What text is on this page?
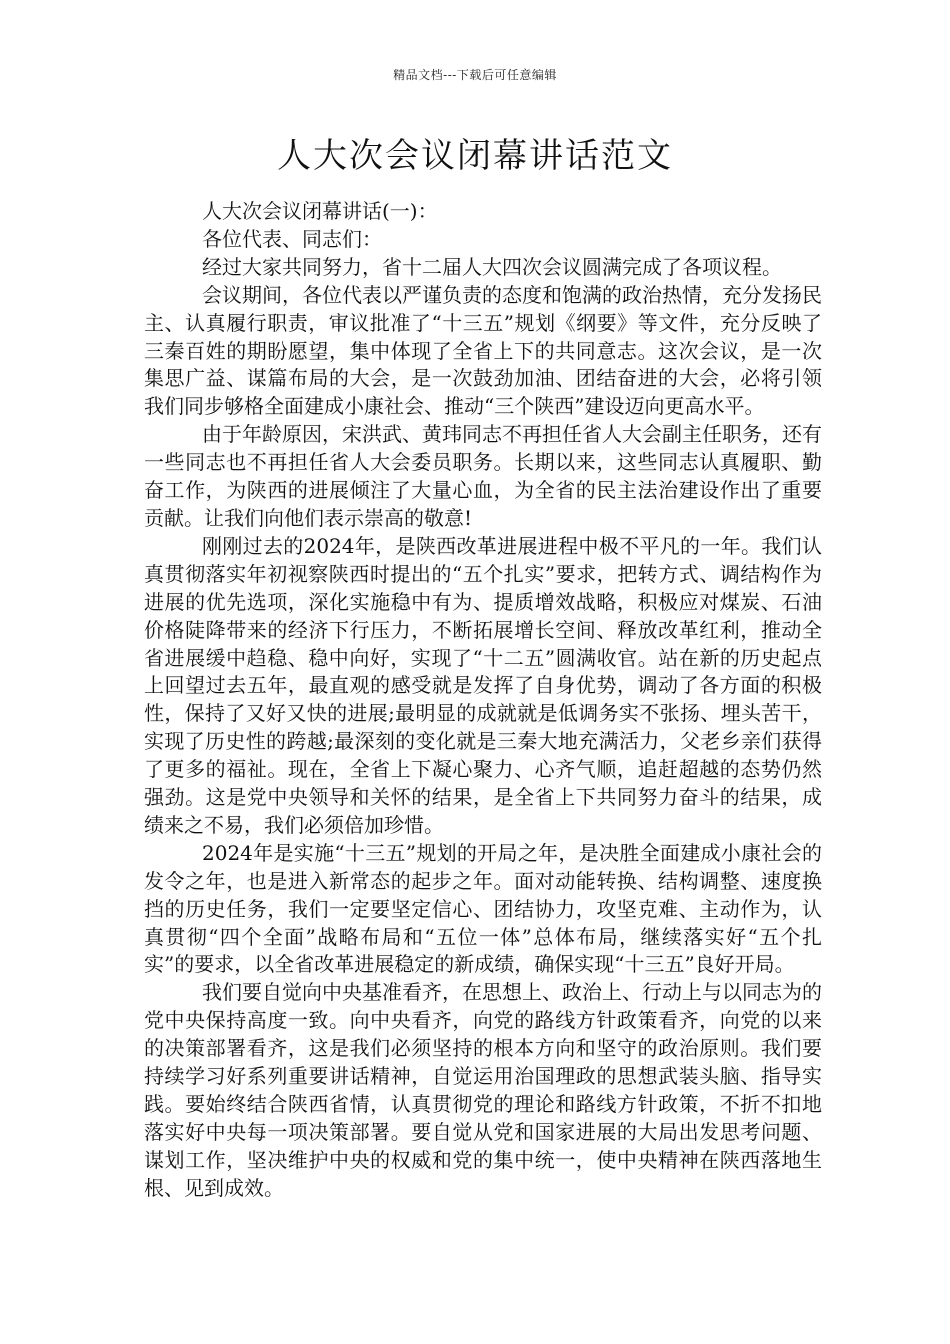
精品文档---下载后可任意编辑
人大次会议闭幕讲话范文

人大次会议闭幕讲话(一)：

各位代表、同志们：

经过大家共同努力，省十二届人大四次会议圆满完成了各项议程。

会议期间，各位代表以严谨负责的态度和饱满的政治热情，充分发扬民主、认真履行职责，审议批准了“十三五”规划《纲要》等文件，充分反映了三秦百姓的期盼愿望，集中体现了全省上下的共同意志。这次会议，是一次集思广益、谋篇布局的大会，是一次鼓劲加油、团结奋进的大会，必将引领我们同步够格全面建成小康社会、推动“三个陕西”建设迈向更高水平。

由于年龄原因，宋洪武、黄玮同志不再担任省人大会副主任职务，还有一些同志也不再担任省人大会委员职务。长期以来，这些同志认真履职、勤奋工作，为陕西的进展倾注了大量心血，为全省的民主法治建设作出了重要贡献。让我们向他们表示崇高的敬意!

刚刚过去的2024年，是陕西改革进展进程中极不平凡的一年。我们认真贯彻落实年初视察陕西时提出的“五个扎实”要求，把转方式、调结构作为进展的优先选项，深化实施稳中有为、提质增效战略，积极应对煤炭、石油价格陡降带来的经济下行压力，不断拓展增长空间、释放改革红利，推动全省进展缓中趋稳、稳中向好，实现了“十二五”圆满收官。站在新的历史起点上回望过去五年，最直观的感受就是发挥了自身优势，调动了各方面的积极性，保持了又好又快的进展;最明显的成就就是低调务实不张扬、埋头苦干，实现了历史性的跨越;最深刻的变化就是三秦大地充满活力，父老乡亲们获得了更多的福祉。现在，全省上下凝心聚力、心齐气顺，追赶超越的态势仍然强劲。这是党中央领导和关怀的结果，是全省上下共同努力奋斗的结果，成绩来之不易，我们必须倍加珍惜。

2024年是实施“十三五”规划的开局之年，是决胜全面建成小康社会的发令之年，也是进入新常态的起步之年。面对动能转换、结构调整、速度换挡的历史任务，我们一定要坚定信心、团结协力，攻坚克难、主动作为，认真贯彻“四个全面”战略布局和“五位一体”总体布局，继续落实好“五个扎实”的要求，以全省改革进展稳定的新成绩，确保实现“十三五”良好开局。

我们要自觉向中央基准看齐，在思想上、政治上、行动上与以同志为的党中央保持高度一致。向中央看齐，向党的路线方针政策看齐，向党的以来的决策部署看齐，这是我们必须坚持的根本方向和坚守的政治原则。我们要持续学习好系列重要讲话精神，自觉运用治国理政的思想武装头脑、指导实践。要始终结合陕西省情，认真贯彻党的理论和路线方针政策，不折不扣地落实好中央每一项决策部署。要自觉从党和国家进展的大局出发思考问题、谋划工作，坚决维护中央的权威和党的集中统一，使中央精神在陕西落地生根、见到成效。
